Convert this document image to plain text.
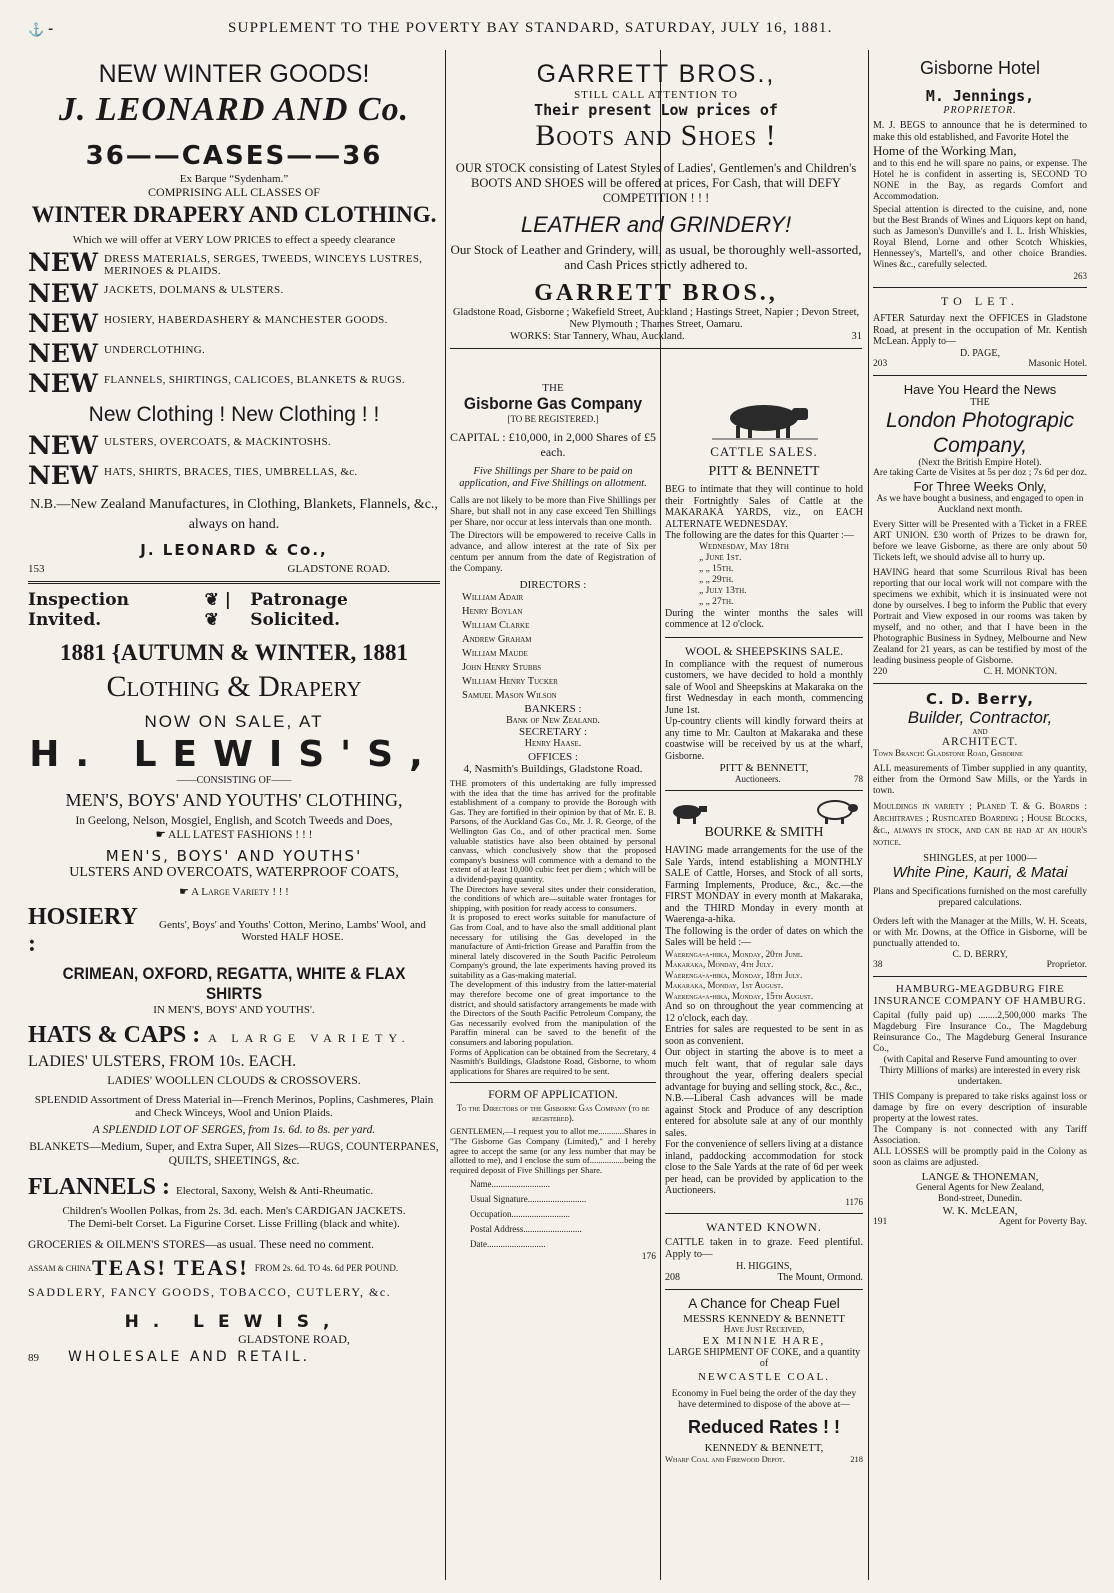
⚓ ⁃	SUPPLEMENT TO THE POVERTY BAY STANDARD, SATURDAY, JULY 16, 1881.
NEW WINTER GOODS!
J. LEONARD AND Co.
36——CASES——36
Ex Barque “Sydenham.”
COMPRISING ALL CLASSES OF
WINTER DRAPERY AND CLOTHING.
Which we will offer at VERY LOW PRICES to effect a speedy clearance
NEW DRESS MATERIALS, SERGES, TWEEDS, WINCEYS LUSTRES, MERINOES & PLAIDS.
NEW JACKETS, DOLMANS & ULSTERS.
NEW HOSIERY, HABERDASHERY & MANCHESTER GOODS.
NEW UNDERCLOTHING.
NEW FLANNELS, SHIRTINGS, CALICOES, BLANKETS & RUGS.
New Clothing ! New Clothing ! !
NEW ULSTERS, OVERCOATS, & MACKINTOSHS.
NEW HATS, SHIRTS, BRACES, TIES, UMBRELLAS, &c.
N.B.—New Zealand Manufactures, in Clothing, Blankets, Flannels, &c., always on hand.
J. LEONARD & Co.,
153	GLADSTONE ROAD.
Inspection Invited.
❦ | ❦
Patronage Solicited.
1881 {AUTUMN & WINTER, 1881
Clothing & Drapery
NOW ON SALE, AT
H. LEWIS'S,
——CONSISTING OF——
MEN'S, BOYS' AND YOUTHS' CLOTHING,
In Geelong, Nelson, Mosgiel, English, and Scotch Tweeds and Does,
☛ ALL LATEST FASHIONS ! ! !
MEN'S, BOYS' AND YOUTHS'
ULSTERS AND OVERCOATS, WATERPROOF COATS,
☛ A Large Variety ! ! !
HOSIERY :
Gents', Boys' and Youths' Cotton, Merino, Lambs' Wool, and Worsted HALF HOSE.
CRIMEAN, OXFORD, REGATTA, WHITE & FLAX SHIRTS
IN MEN'S, BOYS' AND YOUTHS'.
HATS & CAPS : A LARGE VARIETY.
LADIES' ULSTERS, FROM 10s. EACH.
LADIES' WOOLLEN CLOUDS & CROSSOVERS.
SPLENDID Assortment of Dress Material in—French Merinos, Poplins, Cashmeres, Plain and Check Winceys, Wool and Union Plaids.
A SPLENDID LOT OF SERGES, from 1s. 6d. to 8s. per yard.
BLANKETS—Medium, Super, and Extra Super, All Sizes—RUGS, COUNTERPANES, QUILTS, SHEETINGS, &c.
FLANNELS : Electoral, Saxony, Welsh & Anti-Rheumatic.
Children's Woollen Polkas, from 2s. 3d. each. Men's CARDIGAN JACKETS. The Demi-belt Corset. La Figurine Corset. Lisse Frilling (black and white).
GROCERIES & OILMEN'S STORES—as usual. These need no comment.
ASSAM & CHINA TEAS! TEAS! FROM 2s. 6d. TO 4s. 6d PER POUND.
SADDLERY, FANCY GOODS, TOBACCO, CUTLERY, &c.
H. LEWIS,
GLADSTONE ROAD,
89	WHOLESALE AND RETAIL.
GARRETT BROS.,
STILL CALL ATTENTION TO
Their present Low prices of
Boots and Shoes !
OUR STOCK consisting of Latest Styles of Ladies', Gentlemen's and Children's BOOTS AND SHOES will be offered at prices, For Cash, that will DEFY COMPETITION ! ! !
LEATHER and GRINDERY!
Our Stock of Leather and Grindery, will, as usual, be thoroughly well-assorted, and Cash Prices strictly adhered to.
GARRETT BROS.,
Gladstone Road, Gisborne ; Wakefield Street, Auckland ; Hastings Street, Napier ; Devon Street, New Plymouth ; Thames Street, Oamaru.
WORKS: Star Tannery, Whau, Auckland.	31
THE
Gisborne Gas Company
[TO BE REGISTERED.]
CAPITAL : £10,000, in 2,000 Shares of £5 each.
Five Shillings per Share to be paid on application, and Five Shillings on allotment.
Calls are not likely to be more than Five Shillings per Share, but shall not in any case exceed Ten Shillings per Share, nor occur at less intervals than one month.
The Directors will be empowered to receive Calls in advance, and allow interest at the rate of Six per centum per annum from the date of Registration of the Company.
DIRECTORS :
William Adair
Henry Boylan
William Clarke
Andrew Graham
William Maude
John Henry Stubbs
William Henry Tucker
Samuel Mason Wilson
BANKERS :
Bank of New Zealand.
SECRETARY :
Henry Haase.
OFFICES :
4, Nasmith's Buildings, Gladstone Road.
THE promoters of this undertaking are fully impressed with the idea that the time has arrived for the profitable establishment of a company to provide the Borough with Gas. They are fortified in their opinion by that of Mr. E. B. Parsons, of the Auckland Gas Co., Mr. J. R. George, of the Wellington Gas Co., and of other practical men. Some valuable statistics have also been obtained by personal canvass, which conclusively show that the proposed company's business will commence with a demand to the extent of at least 10,000 cubic feet per diem ; which will be a dividend-paying quantity.
The Directors have several sites under their consideration, the conditions of which are—suitable water frontages for shipping, with position for ready access to consumers.
It is proposed to erect works suitable for manufacture of Gas from Coal, and to have also the small additional plant necessary for utilising the Gas developed in the manufacture of Anti-friction Grease and Paraffin from the mineral lately discovered in the South Pacific Petroleum Company's ground, the late experiments having proved its suitability as a Gas-making material.
The development of this industry from the latter-material may therefore become one of great importance to the district, and should satisfactory arrangements be made with the Directors of the South Pacific Petroleum Company, the Gas necessarily evolved from the manipulation of the Paraffin mineral can be saved to the benefit of the consumers and laboring population.
Forms of Application can be obtained from the Secretary, 4 Nasmith's Buildings, Gladstone Road, Gisborne, to whom applications for Shares are required to be sent.
FORM OF APPLICATION.
To the Directors of the Gisborne Gas Company (to be registered).
GENTLEMEN,—I request you to allot me............Shares in "The Gisborne Gas Company (Limited)," and I hereby agree to accept the same (or any less number that may be allotted to me), and I enclose the sum of................being the required deposit of Five Shillings per Share.
Name..........................
Usual Signature..........................
Occupation..........................
Postal Address..........................
Date..........................
176
CATTLE SALES.
PITT & BENNETT
BEG to intimate that they will continue to hold their Fortnightly Sales of Cattle at the MAKARAKA YARDS, viz., on EACH ALTERNATE WEDNESDAY.
The following are the dates for this Quarter :—
Wednesday, May 18th
„ June 1st.
„ „ 15th.
„ „ 29th.
„ July 13th.
„ „ 27th.
During the winter months the sales will commence at 12 o'clock.
WOOL & SHEEPSKINS SALE.
In compliance with the request of numerous customers, we have decided to hold a monthly sale of Wool and Sheepskins at Makaraka on the first Wednesday in each month, commencing June 1st.
Up-country clients will kindly forward theirs at any time to Mr. Caulton at Makaraka and these coastwise will be received by us at the wharf, Gisborne.
PITT & BENNETT,
Auctioneers.	78
BOURKE & SMITH
HAVING made arrangements for the use of the Sale Yards, intend establishing a MONTHLY SALE of Cattle, Horses, and Stock of all sorts, Farming Implements, Produce, &c., &c.—the FIRST MONDAY in every month at Makaraka, and the THIRD Monday in every month at Waerenga-a-hika.
The following is the order of dates on which the Sales will be held :—
Waerenga-a-hika, Monday, 20th June.
Makaraka, Monday, 4th July.
Waerenga-a-hika, Monday, 18th July.
Makaraka, Monday, 1st August.
Waerenga-a-hika, Monday, 15th August.
And so on throughout the year commencing at 12 o'clock, each day.
Entries for sales are requested to be sent in as soon as convenient.
Our object in starting the above is to meet a much felt want, that of regular sale days throughout the year, offering dealers special advantage for buying and selling stock, &c., &c.,
N.B.—Liberal Cash advances will be made against Stock and Produce of any description entered for absolute sale at any of our monthly sales.
For the convenience of sellers living at a distance inland, paddocking accommodation for stock close to the Sale Yards at the rate of 6d per week per head, can be provided by application to the Auctioneers.
1176
WANTED KNOWN.
CATTLE taken in to graze. Feed plentiful. Apply to—
H. HIGGINS,
208	The Mount, Ormond.
A Chance for Cheap Fuel
MESSRS KENNEDY & BENNETT
Have Just Received,
EX MINNIE HARE,
LARGE SHIPMENT OF COKE, and a quantity of
NEWCASTLE COAL.
Economy in Fuel being the order of the day they have determined to dispose of the above at—
Reduced Rates ! !
KENNEDY & BENNETT,
Wharf Coal and Firewood Depot.	218
Gisborne Hotel
M. Jennings,
PROPRIETOR.
M. J. BEGS to announce that he is determined to make this old established, and Favorite Hotel the
Home of the Working Man,
and to this end he will spare no pains, or expense. The Hotel he is confident in asserting is, SECOND TO NONE in the Bay, as regards Comfort and Accommodation.
Special attention is directed to the cuisine, and, none but the Best Brands of Wines and Liquors kept on hand, such as Jameson's Dunville's and I. L. Irish Whiskies, Royal Blend, Lorne and other Scotch Whiskies, Hennessey's, Martell's, and other choice Brandies. Wines &c., carefully selected.
263
TO LET.
AFTER Saturday next the OFFICES in Gladstone Road, at present in the occupation of Mr. Kentish McLean. Apply to—
D. PAGE,
203	Masonic Hotel.
Have You Heard the News
THE
London Photograpic Company,
(Next the British Empire Hotel).
Are taking Carte de Visites at 5s per doz ; 7s 6d per doz.
For Three Weeks Only,
As we have bought a business, and engaged to open in Auckland next month.
Every Sitter will be Presented with a Ticket in a FREE ART UNION. £30 worth of Prizes to be drawn for, before we leave Gisborne, as there are only about 50 Tickets left, we should advise all to hurry up.
HAVING heard that some Scurrilous Rival has been reporting that our local work will not compare with the specimens we exhibit, which it is insinuated were not done by ourselves. I beg to inform the Public that every Portrait and View exposed in our rooms was taken by myself, and no other, and that I have been in the Photographic Business in Sydney, Melbourne and New Zealand for 21 years, as can be testified by most of the leading business people of Gisborne.
220	C. H. MONKTON.
C. D. Berry,
Builder, Contractor,
AND
ARCHITECT.
Town Branch: Gladstone Road, Gisborne
ALL measurements of Timber supplied in any quantity, either from the Ormond Saw Mills, or the Yards in town.
Mouldings in variety ; Planed T. & G. Boards : Architraves ; Rusticated Boarding ; House Blocks, &c., always in stock, and can be had at an hour's notice.
SHINGLES, at per 1000—
White Pine, Kauri, & Matai
Plans and Specifications furnished on the most carefully prepared calculations.
Orders left with the Manager at the Mills, W. H. Sceats, or with Mr. Downs, at the Office in Gisborne, will be punctually attended to.
C. D. BERRY,
38	Proprietor.
HAMBURG-MEAGDBURG FIRE INSURANCE COMPANY OF HAMBURG.
Capital (fully paid up) ........2,500,000 marks The Magdeburg Fire Insurance Co., The Magdeburg Reinsurance Co., The Magdeburg General Insurance Co.,
(with Capital and Reserve Fund amounting to over Thirty Millions of marks) are interested in every risk undertaken.
THIS Company is prepared to take risks against loss or damage by fire on every description of insurable property at the lowest rates.
The Company is not connected with any Tariff Association.
ALL LOSSES will be promptly paid in the Colony as soon as claims are adjusted.
LANGE & THONEMAN,
General Agents for New Zealand,
Bond-street, Dunedin.
W. K. McLEAN,
191	Agent for Poverty Bay.
